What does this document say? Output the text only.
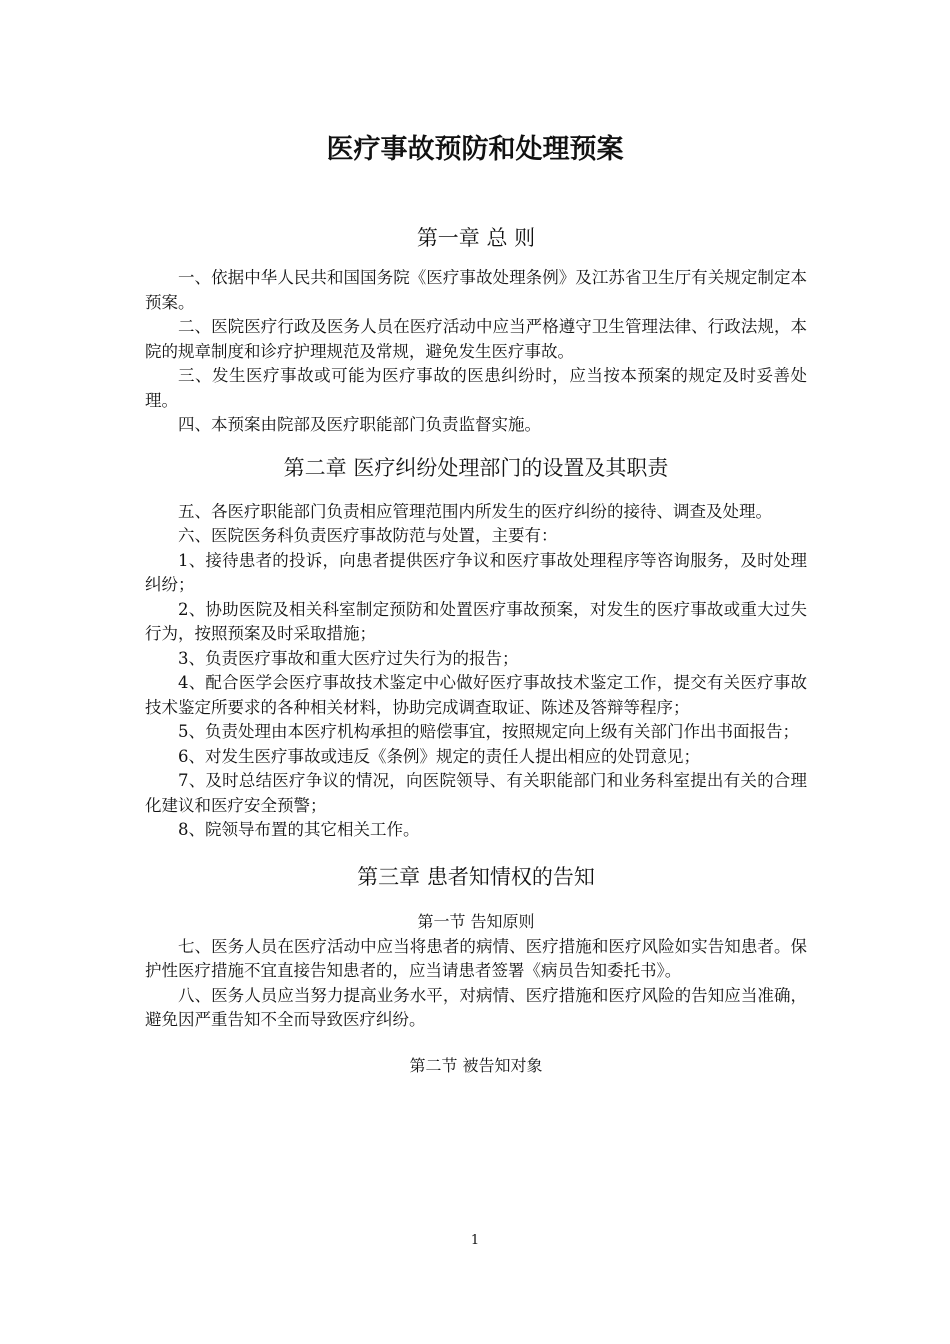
医疗事故预防和处理预案
第一章 总 则

一、依据中华人民共和国国务院《医疗事故处理条例》及江苏省卫生厅有关规定制定本预案。

二、医院医疗行政及医务人员在医疗活动中应当严格遵守卫生管理法律、行政法规，本院的规章制度和诊疗护理规范及常规，避免发生医疗事故。

三、发生医疗事故或可能为医疗事故的医患纠纷时，应当按本预案的规定及时妥善处理。

四、本预案由院部及医疗职能部门负责监督实施。

第二章 医疗纠纷处理部门的设置及其职责

五、各医疗职能部门负责相应管理范围内所发生的医疗纠纷的接待、调查及处理。

六、医院医务科负责医疗事故防范与处置，主要有：

1、接待患者的投诉，向患者提供医疗争议和医疗事故处理程序等咨询服务，及时处理纠纷；

2、协助医院及相关科室制定预防和处置医疗事故预案，对发生的医疗事故或重大过失行为，按照预案及时采取措施；

3、负责医疗事故和重大医疗过失行为的报告；

4、配合医学会医疗事故技术鉴定中心做好医疗事故技术鉴定工作，提交有关医疗事故技术鉴定所要求的各种相关材料，协助完成调查取证、陈述及答辩等程序；

5、负责处理由本医疗机构承担的赔偿事宜，按照规定向上级有关部门作出书面报告；

6、对发生医疗事故或违反《条例》规定的责任人提出相应的处罚意见；

7、及时总结医疗争议的情况，向医院领导、有关职能部门和业务科室提出有关的合理化建议和医疗安全预警；

8、院领导布置的其它相关工作。

第三章 患者知情权的告知
第一节 告知原则

七、医务人员在医疗活动中应当将患者的病情、医疗措施和医疗风险如实告知患者。保护性医疗措施不宜直接告知患者的，应当请患者签署《病员告知委托书》。

八、医务人员应当努力提高业务水平，对病情、医疗措施和医疗风险的告知应当准确，避免因严重告知不全而导致医疗纠纷。

第二节 被告知对象
1
